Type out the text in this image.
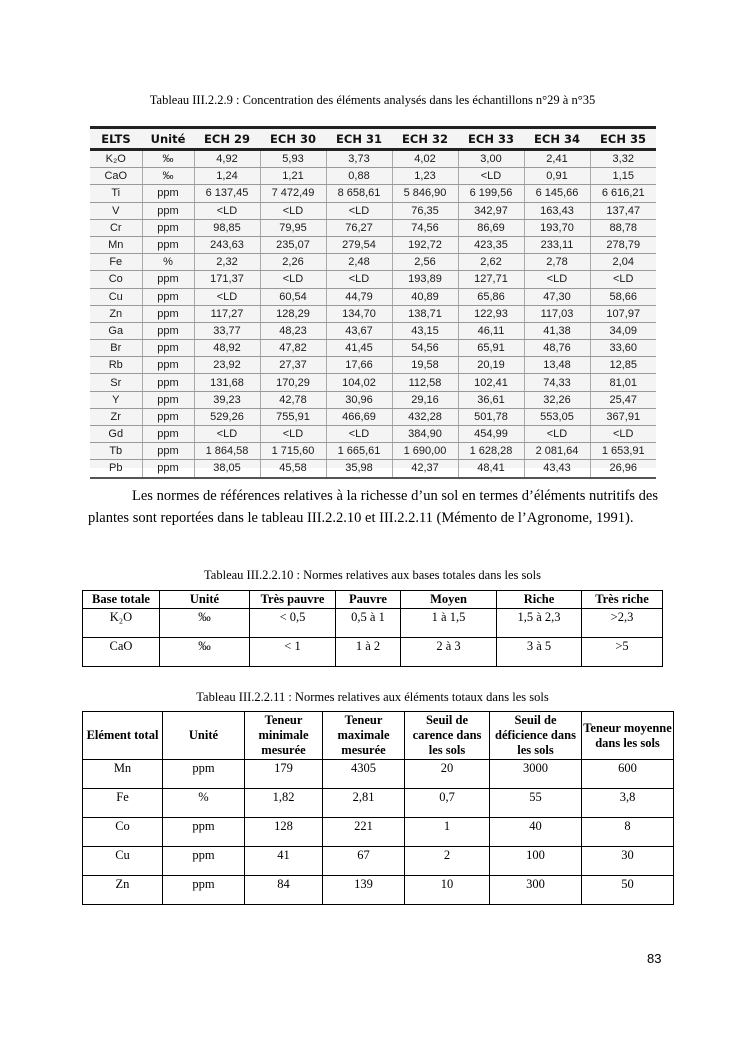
Tableau III.2.2.9 : Concentration des éléments analysés dans les échantillons n°29 à n°35
ELTS	Unité	ECH 29	ECH 30	ECH 31	ECH 32	ECH 33	ECH 34	ECH 35
K₂O	‰	4,92	5,93	3,73	4,02	3,00	2,41	3,32
CaO	‰	1,24	1,21	0,88	1,23	<LD	0,91	1,15
Ti	ppm	6 137,45	7 472,49	8 658,61	5 846,90	6 199,56	6 145,66	6 616,21
V	ppm	<LD	<LD	<LD	76,35	342,97	163,43	137,47
Cr	ppm	98,85	79,95	76,27	74,56	86,69	193,70	88,78
Mn	ppm	243,63	235,07	279,54	192,72	423,35	233,11	278,79
Fe	%	2,32	2,26	2,48	2,56	2,62	2,78	2,04
Co	ppm	171,37	<LD	<LD	193,89	127,71	<LD	<LD
Cu	ppm	<LD	60,54	44,79	40,89	65,86	47,30	58,66
Zn	ppm	117,27	128,29	134,70	138,71	122,93	117,03	107,97
Ga	ppm	33,77	48,23	43,67	43,15	46,11	41,38	34,09
Br	ppm	48,92	47,82	41,45	54,56	65,91	48,76	33,60
Rb	ppm	23,92	27,37	17,66	19,58	20,19	13,48	12,85
Sr	ppm	131,68	170,29	104,02	112,58	102,41	74,33	81,01
Y	ppm	39,23	42,78	30,96	29,16	36,61	32,26	25,47
Zr	ppm	529,26	755,91	466,69	432,28	501,78	553,05	367,91
Gd	ppm	<LD	<LD	<LD	384,90	454,99	<LD	<LD
Tb	ppm	1 864,58	1 715,60	1 665,61	1 690,00	1 628,28	2 081,64	1 653,91
Pb	ppm	38,05	45,58	35,98	42,37	48,41	43,43	26,96

Les normes de références relatives à la richesse d’un sol en termes d’éléments nutritifs des plantes sont reportées dans le tableau III.2.2.10 et III.2.2.11 (Mémento de l’Agronome, 1991).

Tableau III.2.2.10 : Normes relatives aux bases totales dans les sols
Base totale	Unité	Très pauvre	Pauvre	Moyen	Riche	Très riche
K₂O	‰	< 0,5	0,5 à 1	1 à 1,5	1,5 à 2,3	>2,3
CaO	‰	< 1	1 à 2	2 à 3	3 à 5	>5
Tableau III.2.2.11 : Normes relatives aux éléments totaux dans les sols
Elément total	Unité	Teneur minimale mesurée	Teneur maximale mesurée	Seuil de carence dans les sols	Seuil de déficience dans les sols	Teneur moyenne dans les sols
Mn	ppm	179	4305	20	3000	600
Fe	%	1,82	2,81	0,7	55	3,8
Co	ppm	128	221	1	40	8
Cu	ppm	41	67	2	100	30
Zn	ppm	84	139	10	300	50
83
